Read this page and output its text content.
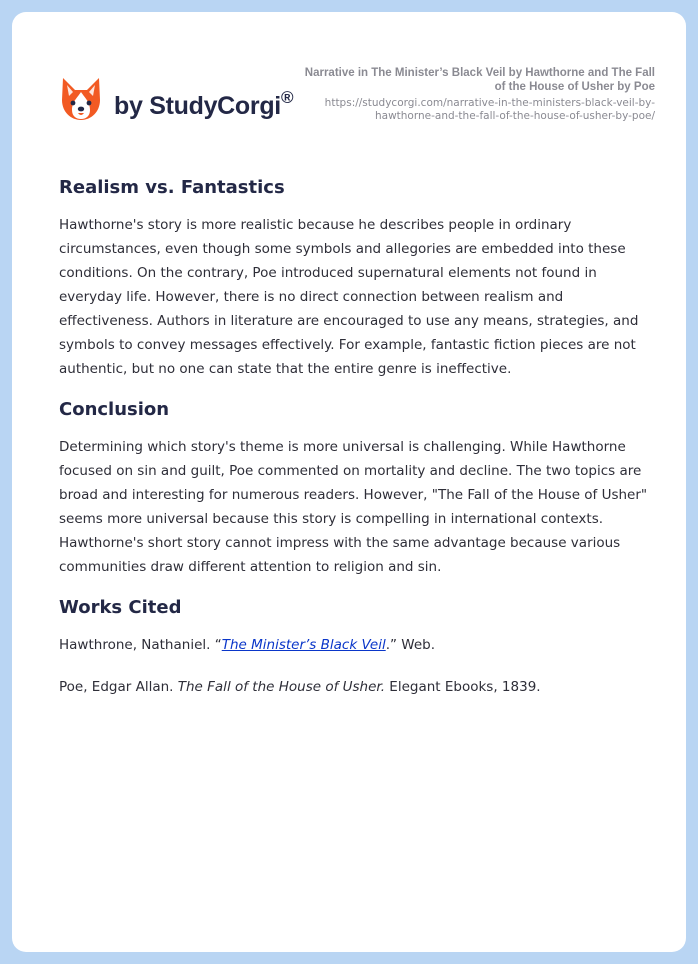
by StudyCorgi ®
Narrative in The Minister’s Black Veil by Hawthorne and The Fall of the House of Usher by Poe
https://studycorgi.com/narrative-in-the-ministers-black-veil-by-hawthorne-and-the-fall-of-the-house-of-usher-by-poe/
Realism vs. Fantastics

Hawthorne's story is more realistic because he describes people in ordinary circumstances, even though some symbols and allegories are embedded into these conditions. On the contrary, Poe introduced supernatural elements not found in everyday life. However, there is no direct connection between realism and effectiveness. Authors in literature are encouraged to use any means, strategies, and symbols to convey messages effectively. For example, fantastic fiction pieces are not authentic, but no one can state that the entire genre is ineffective.

Conclusion

Determining which story's theme is more universal is challenging. While Hawthorne focused on sin and guilt, Poe commented on mortality and decline. The two topics are broad and interesting for numerous readers. However, "The Fall of the House of Usher" seems more universal because this story is compelling in international contexts. Hawthorne's short story cannot impress with the same advantage because various communities draw different attention to religion and sin.

Works Cited

Hawthrone, Nathaniel. “The Minister’s Black Veil.” Web.

Poe, Edgar Allan. The Fall of the House of Usher. Elegant Ebooks, 1839.
